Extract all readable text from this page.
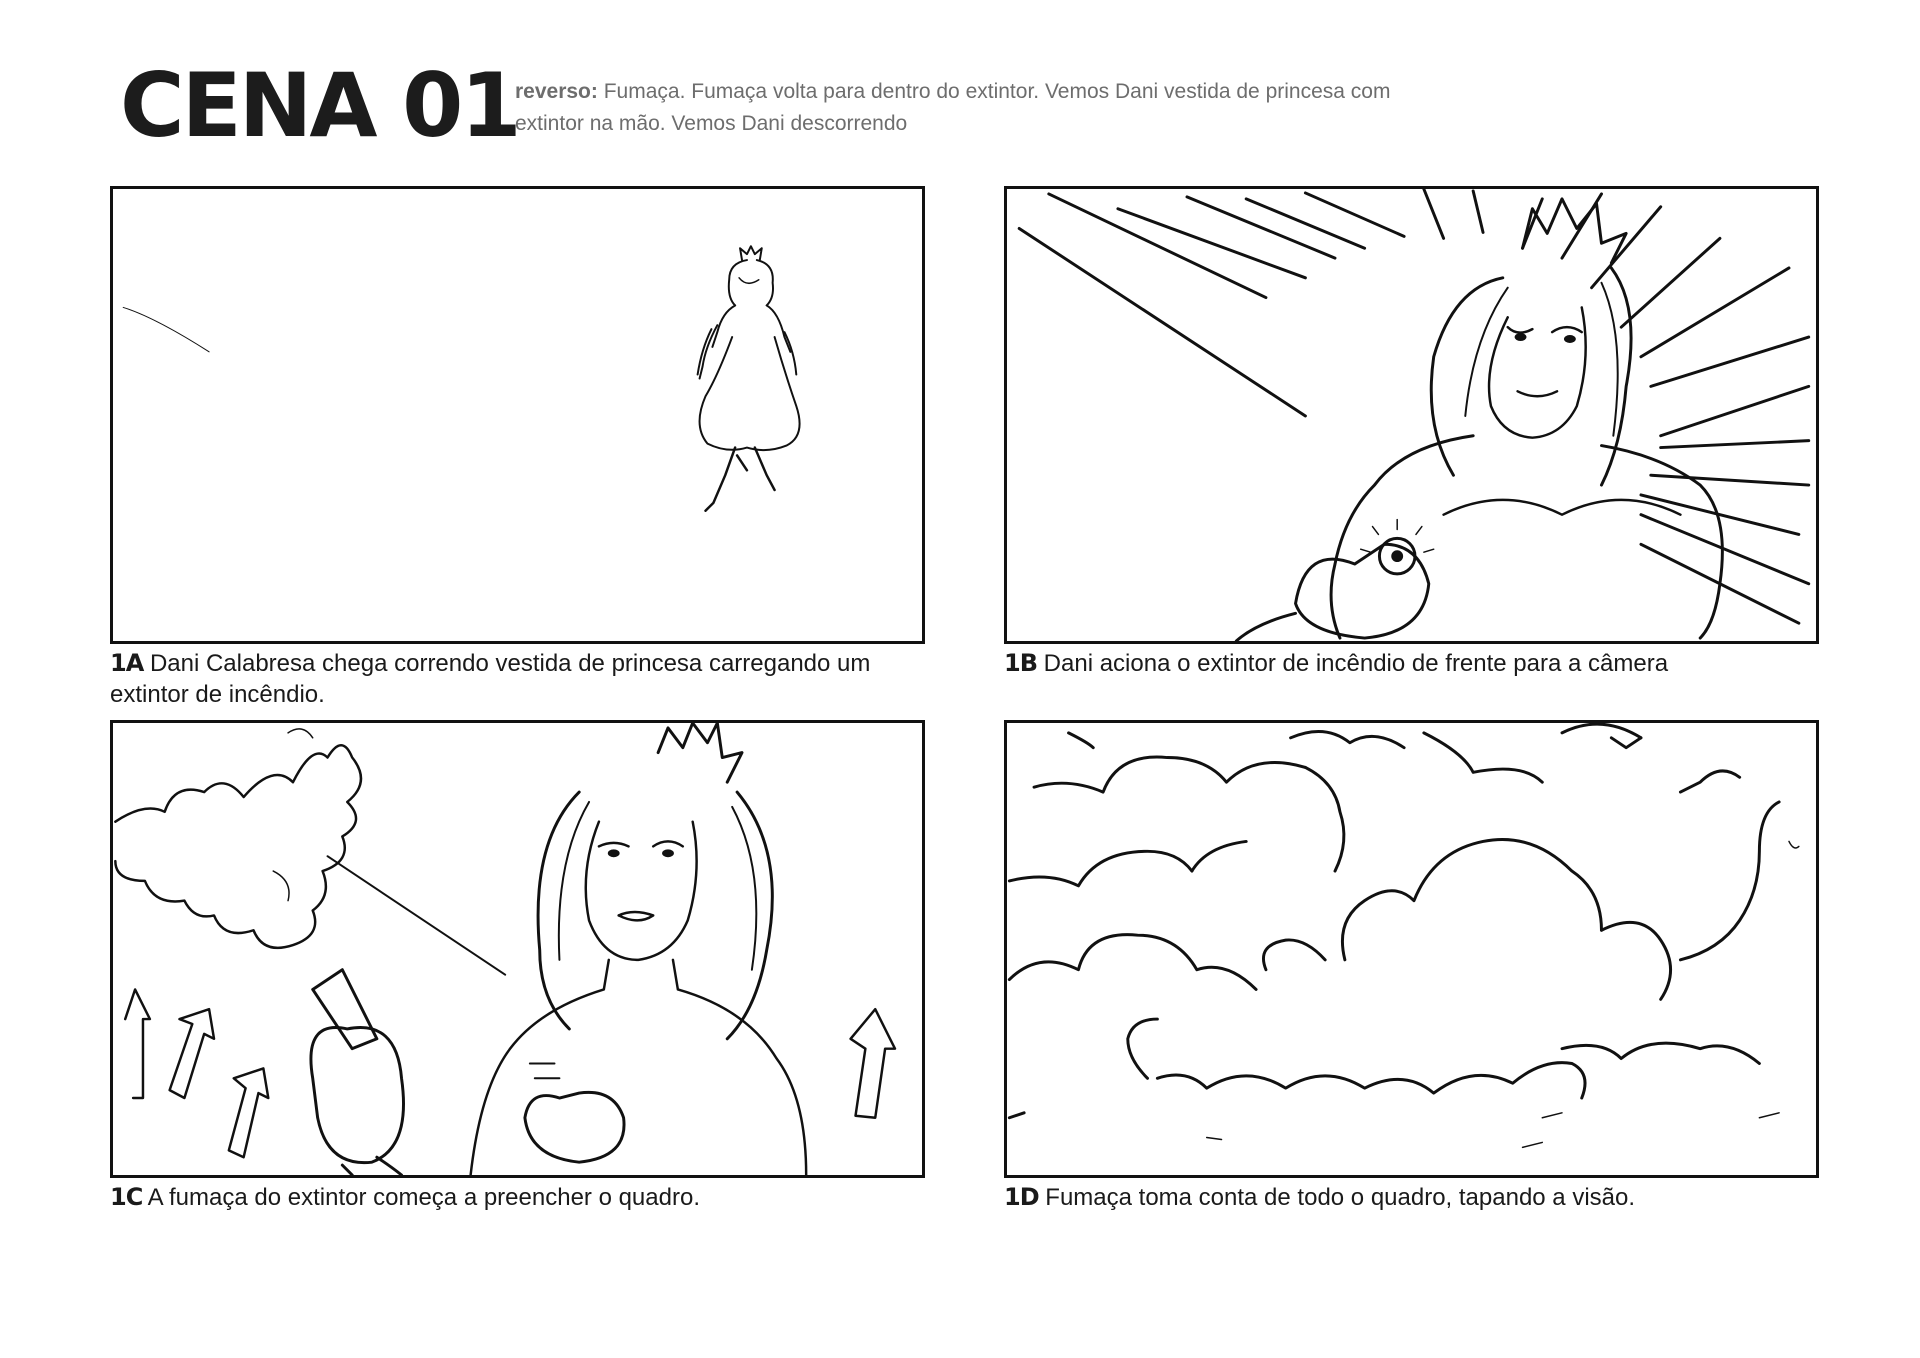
CENA 01
reverso: Fumaça. Fumaça volta para dentro do extintor. Vemos Dani vestida de princesa com extintor na mão. Vemos Dani descorrendo
1A Dani Calabresa chega correndo vestida de princesa carregando um extintor de incêndio.
1B Dani aciona o extintor de incêndio de frente para a câmera
1C A fumaça do extintor começa a preencher o quadro.	1D Fumaça toma conta de todo o quadro, tapando a visão.
